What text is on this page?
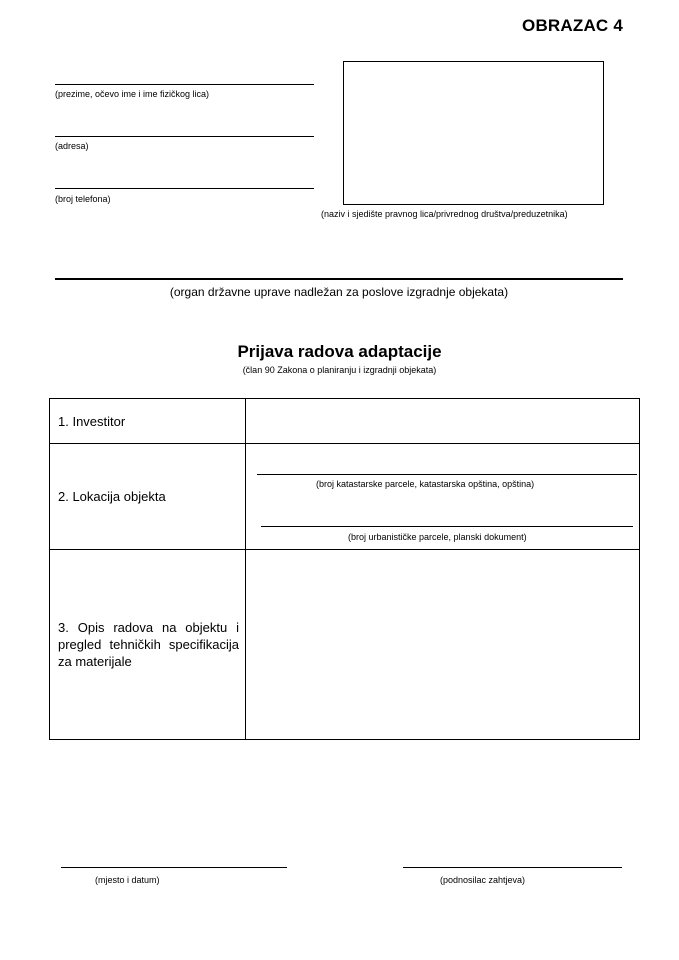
OBRAZAC 4
(prezime, očevo ime i ime fizičkog lica)
(adresa)
(broj telefona)
(naziv i sjedište pravnog lica/privrednog društva/preduzetnika)
(organ državne uprave nadležan za poslove izgradnje objekata)
Prijava radova adaptacije
(član 90 Zakona o planiranju i izgradnji objekata)
1. Investitor	
2. Lokacija objekta	(broj katastarske parcele, katastarska opština, opština)
(broj urbanističke parcele, planski dokument)

3. Opis radova na objektu i pregled tehničkih specifikacija za materijale	
(mjesto i datum)	(podnosilac zahtjeva)
